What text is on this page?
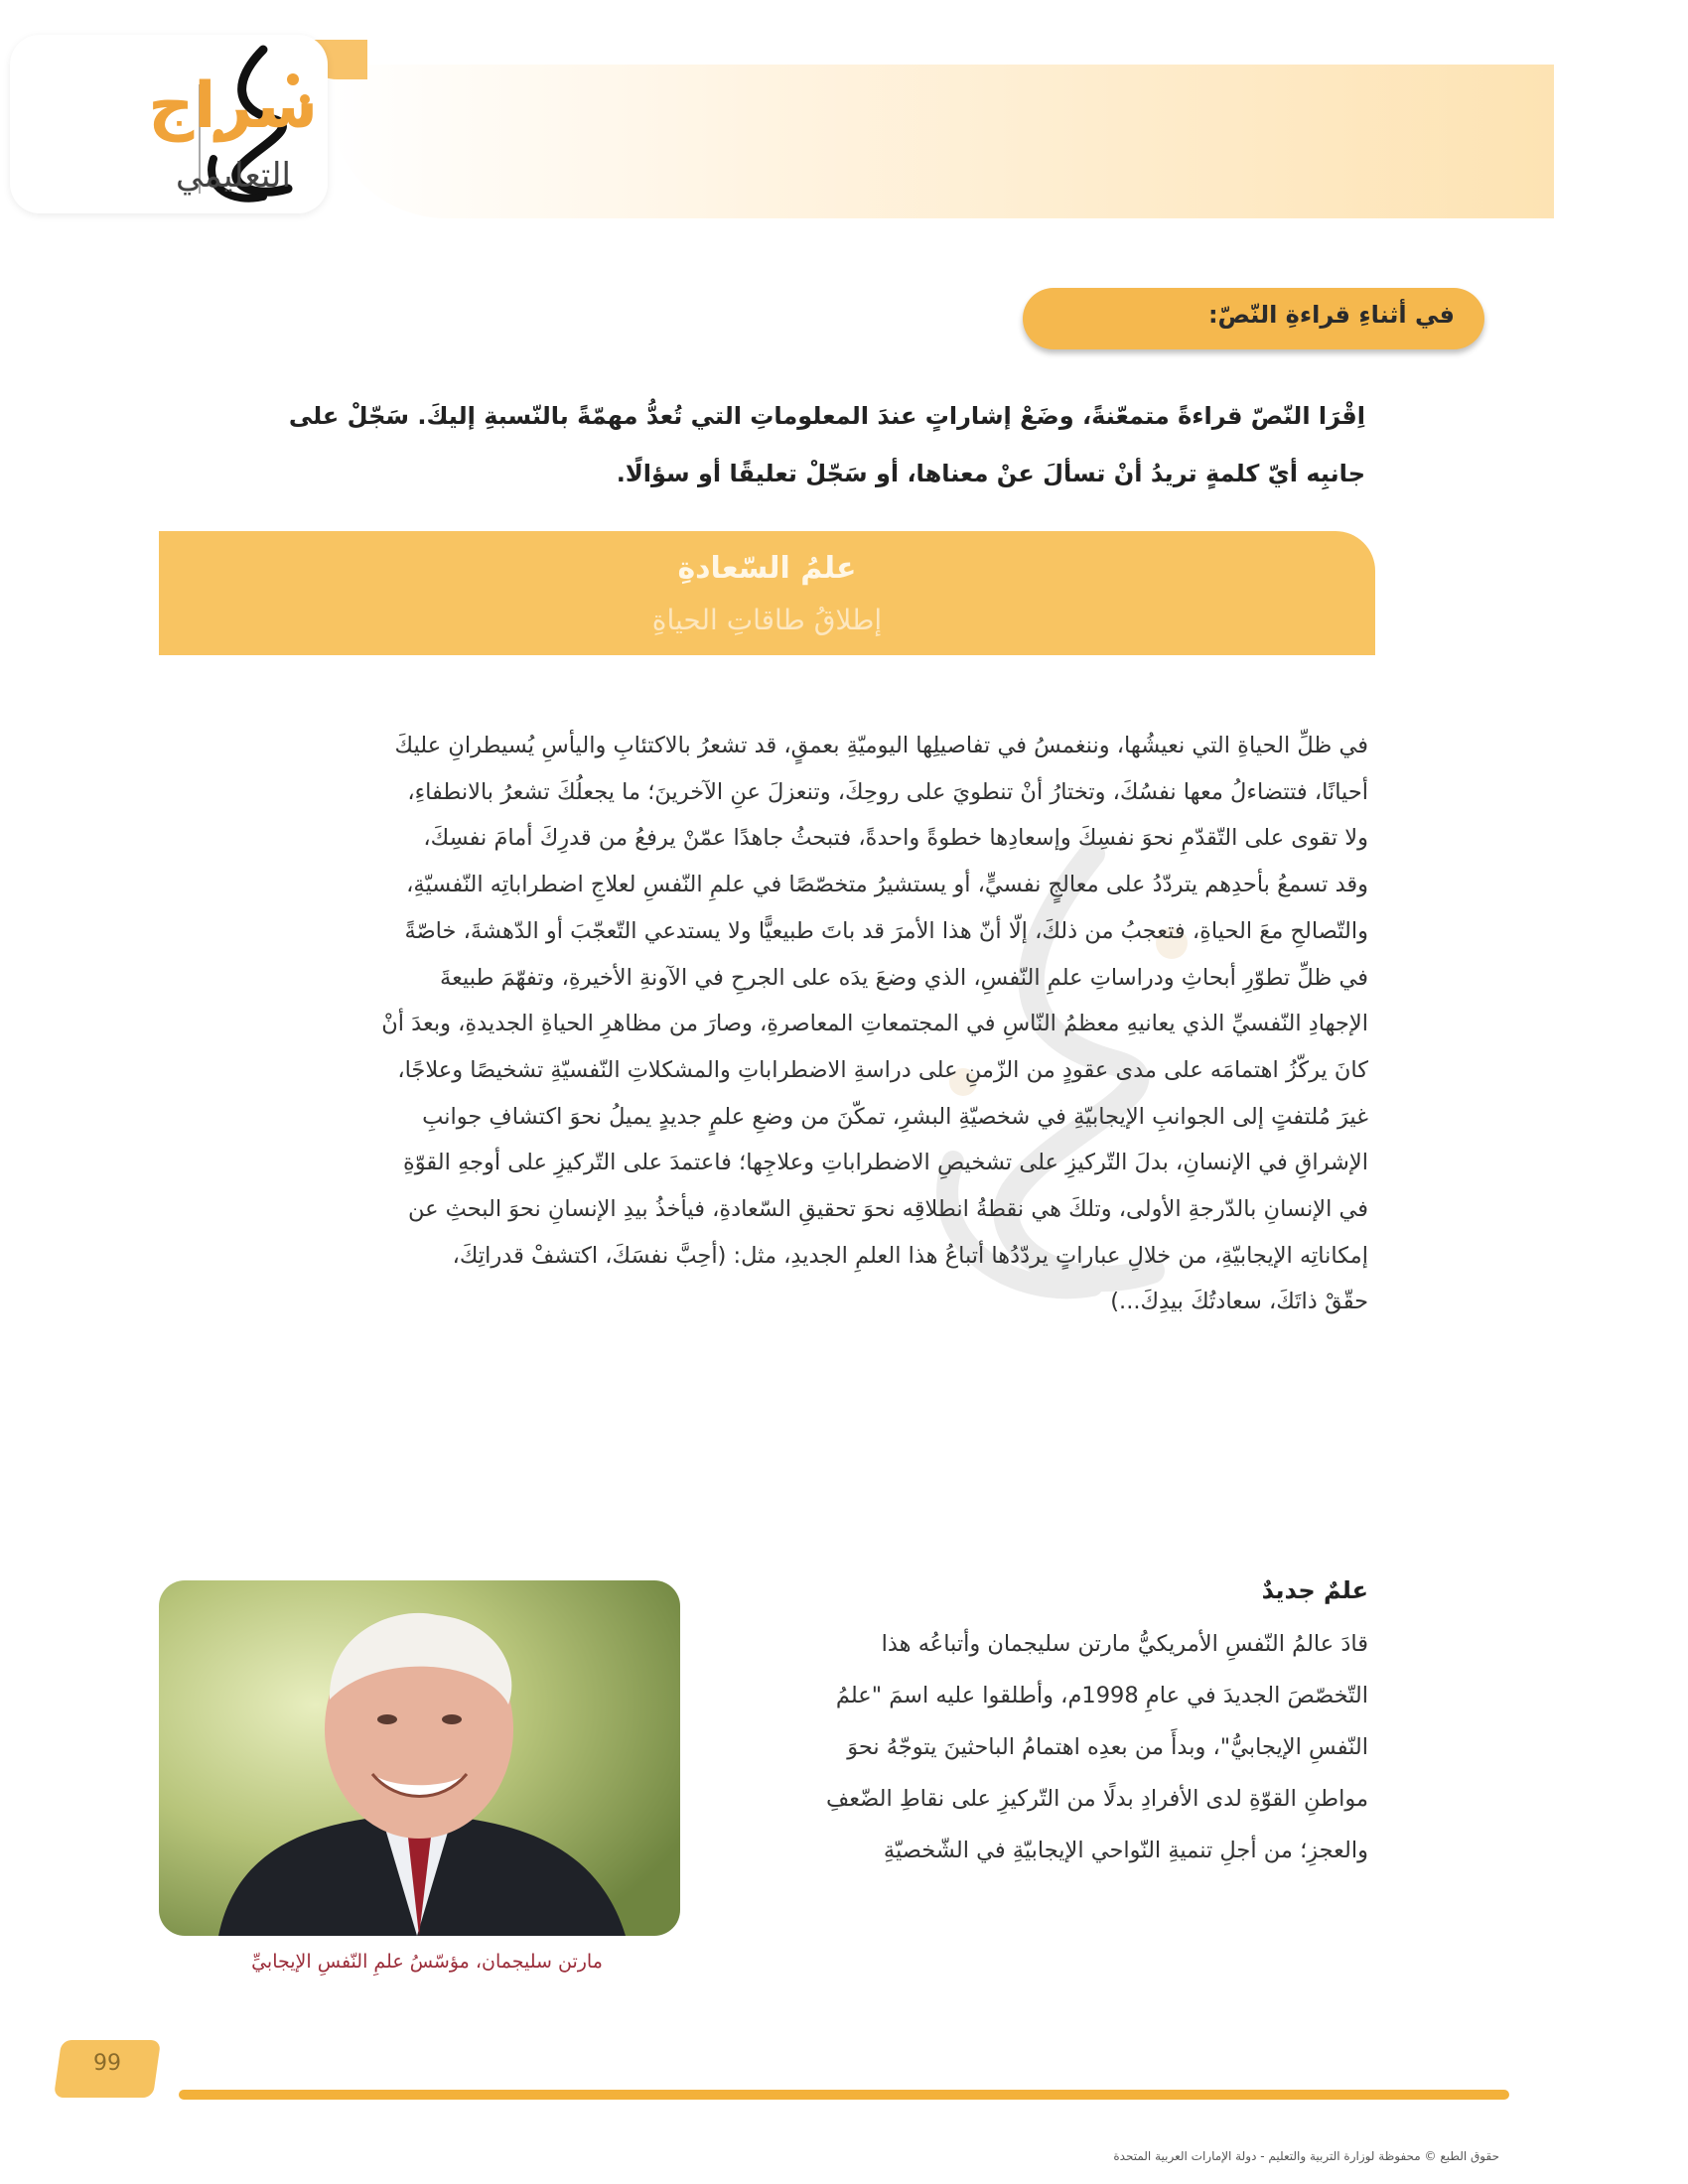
سراج
التعليمي
في أثناءِ قراءةِ النّصّ:
اِقْرَا النّصّ قراءةً متمعّنةً، وضَعْ إشاراتٍ عندَ المعلوماتِ التي تُعدُّ مهمّةً بالنّسبةِ إليكَ. سَجّلْ على
جانبِه أيّ كلمةٍ تريدُ أنْ تسألَ عنْ معناها، أو سَجّلْ تعليقًا أو سؤالًا.
علمُ السّعادةِ
إطلاقُ طاقاتِ الحياةِ
في ظلِّ الحياةِ التي نعيشُها، وننغمسُ في تفاصيلِها اليوميّةِ بعمقٍ، قد تشعرُ بالاكتئابِ واليأسِ يُسيطرانِ عليكَ
أحيانًا، فتتضاءلُ معها نفسُكَ، وتختارُ أنْ تنطويَ على روحِكَ، وتنعزلَ عنِ الآخرينَ؛ ما يجعلُكَ تشعرُ بالانطفاءِ،
ولا تقوى على التّقدّمِ نحوَ نفسِكَ وإسعادِها خطوةً واحدةً، فتبحثُ جاهدًا عمّنْ يرفعُ من قدرِكَ أمامَ نفسِكَ،
وقد تسمعُ بأحدِهم يتردّدُ على معالجٍ نفسيٍّ، أو يستشيرُ متخصّصًا في علمِ النّفسِ لعلاجِ اضطراباتِه النّفسيّةِ،
والتّصالحِ معَ الحياةِ، فتعجبُ من ذلكَ، إلّا أنّ هذا الأمرَ قد باتَ طبيعيًّا ولا يستدعي التّعجّبَ أو الدّهشةَ، خاصّةً
في ظلِّ تطوّرِ أبحاثِ ودراساتِ علمِ النّفسِ، الذي وضعَ يدَه على الجرحِ في الآونةِ الأخيرةِ، وتفهّمَ طبيعةَ
الإجهادِ النّفسيِّ الذي يعانيهِ معظمُ النّاسِ في المجتمعاتِ المعاصرةِ، وصارَ من مظاهرِ الحياةِ الجديدةِ، وبعدَ أنْ
كانَ يركّزُ اهتمامَه على مدى عقودٍ من الزّمنِ على دراسةِ الاضطراباتِ والمشكلاتِ النّفسيّةِ تشخيصًا وعلاجًا،
غيرَ مُلتفتٍ إلى الجوانبِ الإيجابيّةِ في شخصيّةِ البشرِ، تمكّنَ من وضعِ علمٍ جديدٍ يميلُ نحوَ اكتشافِ جوانبِ
الإشراقِ في الإنسانِ، بدلَ التّركيزِ على تشخيصِ الاضطراباتِ وعلاجِها؛ فاعتمدَ على التّركيزِ على أوجهِ القوّةِ
في الإنسانِ بالدّرجةِ الأولى، وتلكَ هي نقطةُ انطلاقِه نحوَ تحقيقِ السّعادةِ، فيأخذُ بيدِ الإنسانِ نحوَ البحثِ عن
إمكاناتِه الإيجابيّةِ، من خلالِ عباراتٍ يردّدُها أتباعُ هذا العلمِ الجديدِ، مثل: (أحِبَّ نفسَكَ، اكتشفْ قدراتِكَ،
حقّقْ ذاتَكَ، سعادتُكَ بيدِكَ...)
علمٌ جديدٌ
قادَ عالمُ النّفسِ الأمريكيُّ مارتن سليجمان وأتباعُه هذا
التّخصّصَ الجديدَ في عامِ 1998م، وأطلقوا عليه اسمَ "علمُ
النّفسِ الإيجابيُّ"، وبدأَ من بعدِه اهتمامُ الباحثينَ يتوجّهُ نحوَ
مواطنِ القوّةِ لدى الأفرادِ بدلًا من التّركيزِ على نقاطِ الضّعفِ
والعجزِ؛ من أجلِ تنميةِ النّواحي الإيجابيّةِ في الشّخصيّةِ
مارتن سليجمان، مؤسّسُ علمِ النّفسِ الإيجابيِّ
99
حقوق الطبع © محفوظة لوزارة التربية والتعليم - دولة الإمارات العربية المتحدة
